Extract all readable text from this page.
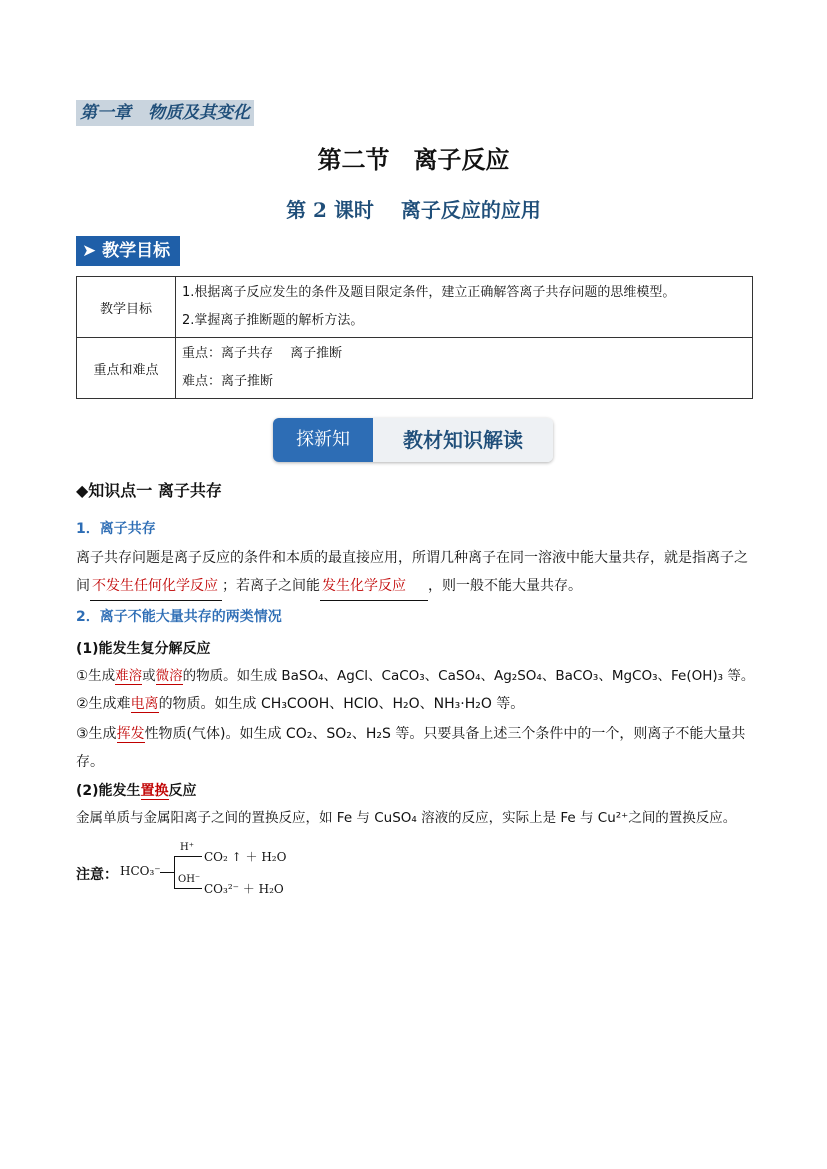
第一章　物质及其变化
第二节　离子反应
第 2 课时　 离子反应的应用
➤ 教学目标
教学目标	1.根据离子反应发生的条件及题目限定条件，建立正确解答离子共存问题的思维模型。
2.掌握离子推断题的解析方法。

重点和难点	重点：离子共存　 离子推断
难点：离子推断
探新知	教材知识解读
◆知识点一 离子共存
1．离子共存
离子共存问题是离子反应的条件和本质的最直接应用，所谓几种离子在同一溶液中能大量共存，就是指离子之间 不发生任何化学反应 ；若离子之间能 发生化学反应 ，则一般不能大量共存。
2．离子不能大量共存的两类情况
(1)能发生复分解反应
①生成难溶或微溶的物质。如生成 BaSO₄、AgCl、CaCO₃、CaSO₄、Ag₂SO₄、BaCO₃、MgCO₃、Fe(OH)₃ 等。
②生成难电离的物质。如生成 CH₃COOH、HClO、H₂O、NH₃·H₂O 等。
③生成挥发性物质(气体)。如生成 CO₂、SO₂、H₂S 等。只要具备上述三个条件中的一个，则离子不能大量共存。
(2)能发生置换反应
金属单质与金属阳离子之间的置换反应，如 Fe 与 CuSO₄ 溶液的反应，实际上是 Fe 与 Cu²⁺之间的置换反应。
注意： HCO₃⁻
H⁺
CO₂ ↑ ＋ H₂O
OH⁻
CO₃²⁻ ＋ H₂O
